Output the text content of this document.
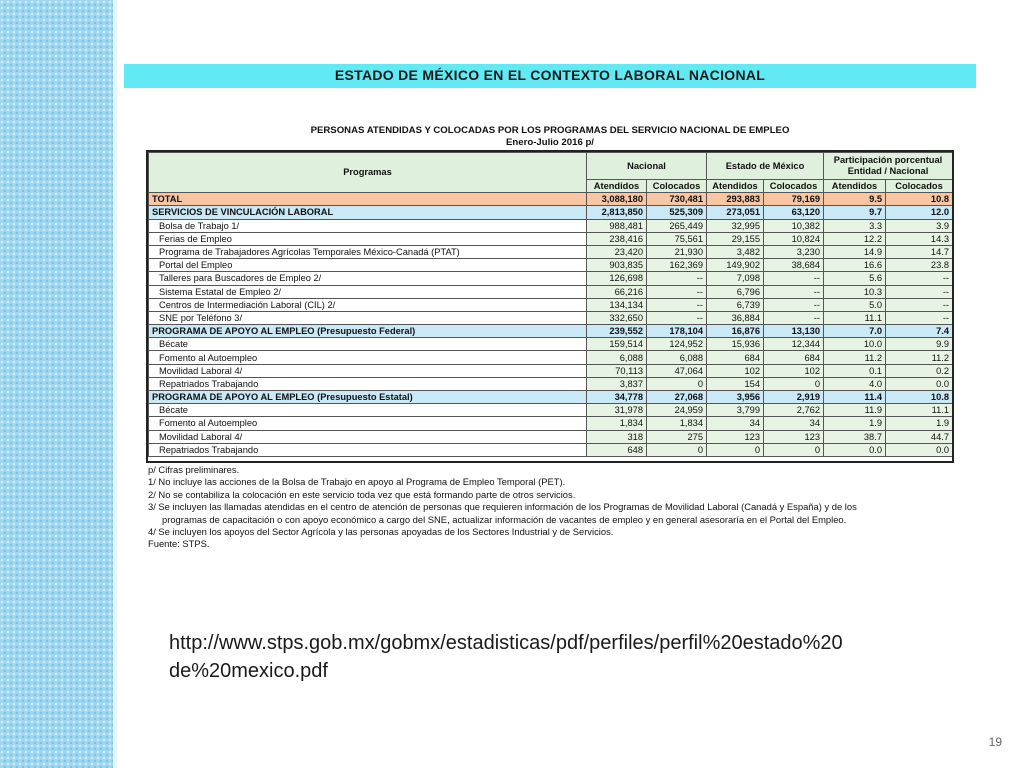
ESTADO DE MÉXICO EN EL CONTEXTO LABORAL NACIONAL
PERSONAS ATENDIDAS Y COLOCADAS POR LOS PROGRAMAS DEL SERVICIO NACIONAL DE EMPLEO
Enero-Julio 2016 p/
Programas	Nacional		Estado de México		Participación porcentual Entidad / Nacional	
	Atendidos	Colocados	Atendidos	Colocados	Atendidos	Colocados
TOTAL	3,088,180	730,481	293,883	79,169	9.5	10.8
SERVICIOS DE VINCULACIÓN LABORAL	2,813,850	525,309	273,051	63,120	9.7	12.0
Bolsa de Trabajo 1/	988,481	265,449	32,995	10,382	3.3	3.9
Ferias de Empleo	238,416	75,561	29,155	10,824	12.2	14.3
Programa de Trabajadores Agrícolas Temporales México-Canadá (PTAT)	23,420	21,930	3,482	3,230	14.9	14.7
Portal del Empleo	903,835	162,369	149,902	38,684	16.6	23.8
Talleres para Buscadores de Empleo 2/	126,698	--	7,098	--	5.6	--
Sistema Estatal de Empleo 2/	66,216	--	6,796	--	10.3	--
Centros de Intermediación Laboral (CIL) 2/	134,134	--	6,739	--	5.0	--
SNE por Teléfono 3/	332,650	--	36,884	--	11.1	--
PROGRAMA DE APOYO AL EMPLEO (Presupuesto Federal)	239,552	178,104	16,876	13,130	7.0	7.4
Bécate	159,514	124,952	15,936	12,344	10.0	9.9
Fomento al Autoempleo	6,088	6,088	684	684	11.2	11.2
Movilidad Laboral 4/	70,113	47,064	102	102	0.1	0.2
Repatriados Trabajando	3,837	0	154	0	4.0	0.0
PROGRAMA DE APOYO AL EMPLEO (Presupuesto Estatal)	34,778	27,068	3,956	2,919	11.4	10.8
Bécate	31,978	24,959	3,799	2,762	11.9	11.1
Fomento al Autoempleo	1,834	1,834	34	34	1.9	1.9
Movilidad Laboral 4/	318	275	123	123	38.7	44.7
Repatriados Trabajando	648	0	0	0	0.0	0.0
p/ Cifras preliminares.
1/ No incluye las acciones de la Bolsa de Trabajo en apoyo al Programa de Empleo Temporal (PET).
2/ No se contabiliza la colocación en este servicio toda vez que está formando parte de otros servicios.
3/ Se incluyen las llamadas atendidas en el centro de atención de personas que requieren información de los Programas de Movilidad Laboral (Canadá y España) y de los
programas de capacitación o con apoyo económico a cargo del SNE, actualizar información de vacantes de empleo y en general asesoraría en el Portal del Empleo.
4/ Se incluyen los apoyos del Sector Agrícola y las personas apoyadas de los Sectores Industrial y de Servicios.
Fuente: STPS.
http://www.stps.gob.mx/gobmx/estadisticas/pdf/perfiles/perfil%20estado%20
de%20mexico.pdf
19
